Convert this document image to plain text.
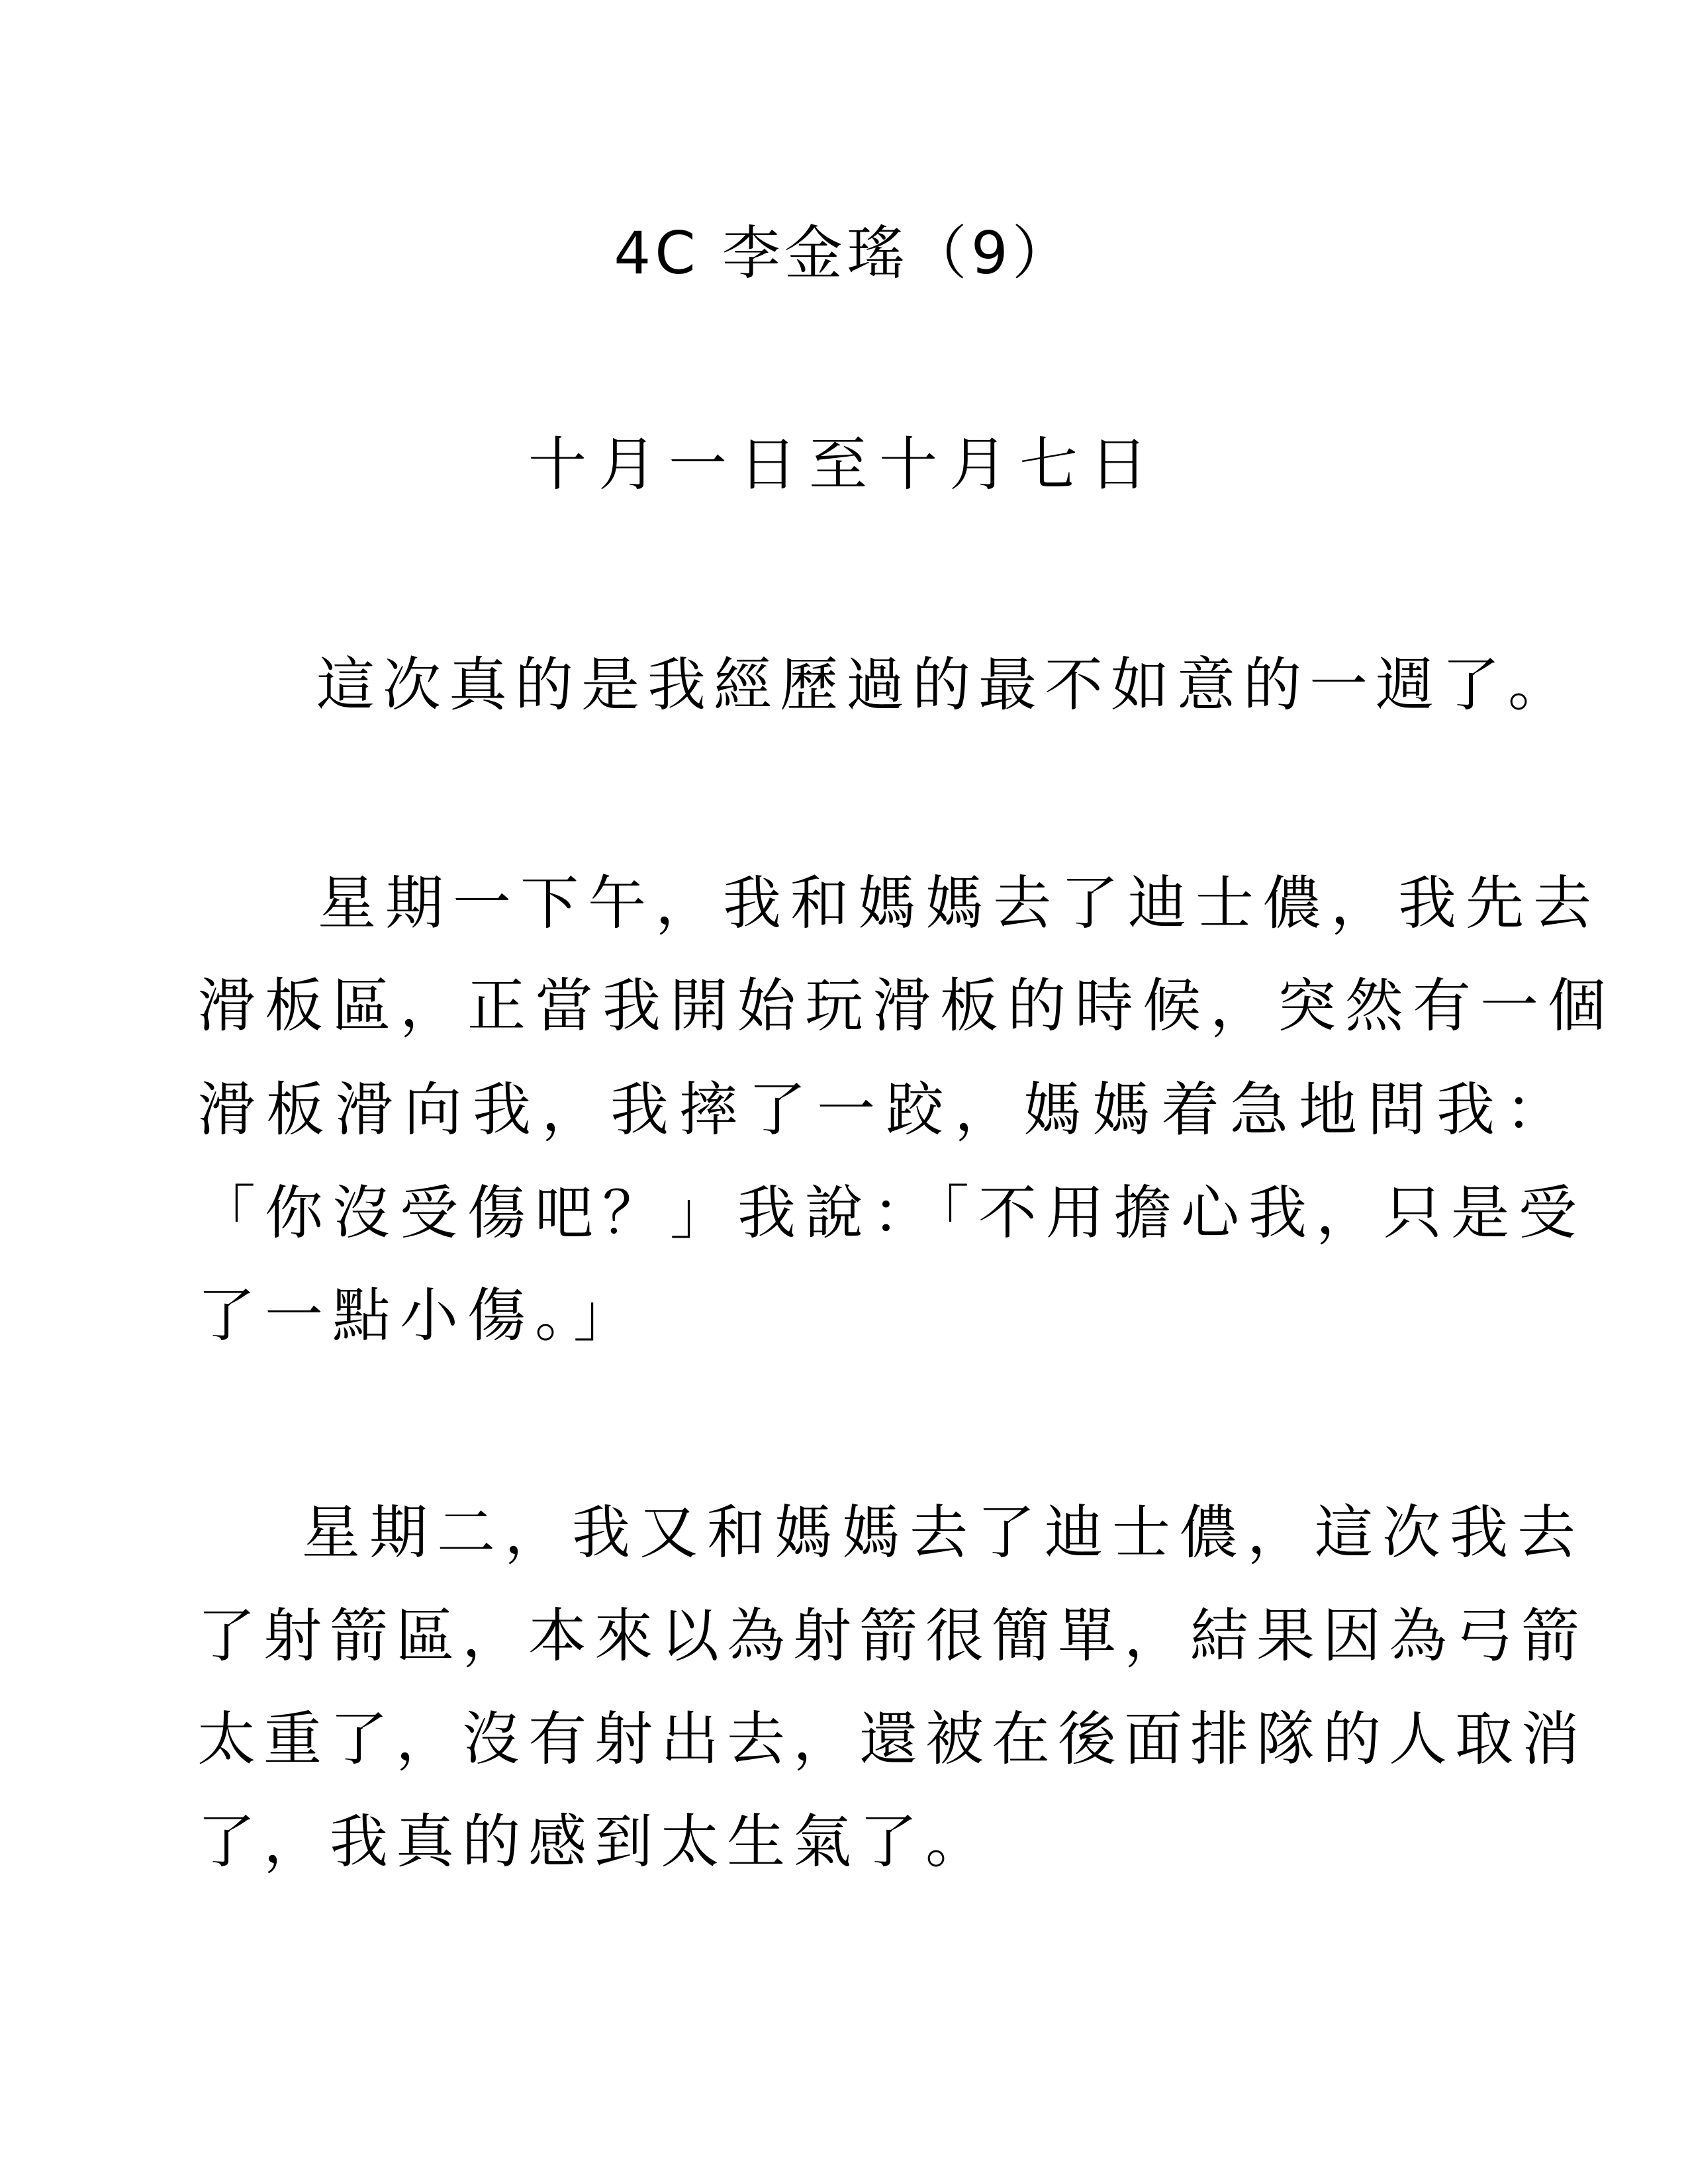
4C 李金瑤（9）
十月一日至十月七日
這次真的是我經歷過的最不如意的一週了。
星期一下午，我和媽媽去了迪士儂，我先去
滑板區，正當我開始玩滑板的時候，突然有一個
滑板滑向我，我摔了一跤，媽媽着急地問我：
「你沒受傷吧？」我說：「不用擔心我，只是受
了一點小傷。」
星期二，我又和媽媽去了迪士儂，這次我去
了射箭區，本來以為射箭很簡單，結果因為弓箭
太重了，沒有射出去，還被在後面排隊的人取消
了，我真的感到太生氣了。
